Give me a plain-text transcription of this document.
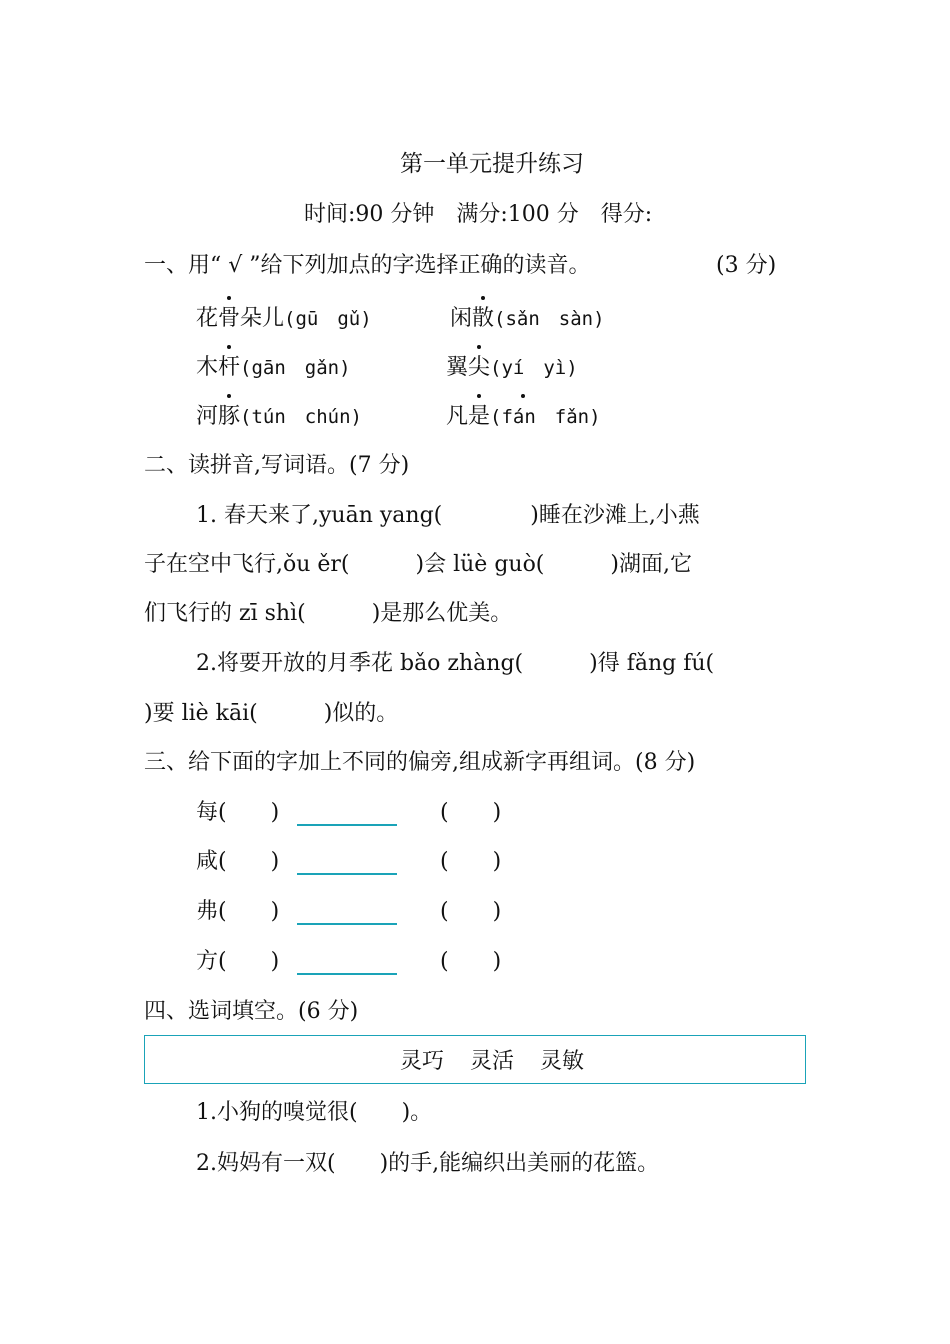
第一单元提升练习
时间:90 分钟　满分:100 分　得分:
一、用“ √ ”给下列加点的字选择正确的读音。	(3 分)
花骨朵儿(gū　gǔ)	闲散(sǎn　sàn)
木杆(gān　gǎn)	翼尖(yí　yì)
河豚(tún　chún)	凡是(fán　fǎn)
二、读拼音,写词语。(7 分)
1. 春天来了,yuān yang(　　　　)睡在沙滩上,小燕
子在空中飞行,ǒu ěr(　　　)会 lüè guò(　　　)湖面,它
们飞行的 zī shì(　　　)是那么优美。
2.将要开放的月季花 bǎo zhàng(　　　)得 fǎng fú(
)要 liè kāi(　　　)似的。
三、给下面的字加上不同的偏旁,组成新字再组词。(8 分)
每(　　)	(　　)
咸(　　)	(　　)
弗(　　)	(　　)
方(　　)	(　　)
四、选词填空。(6 分)
灵巧 灵活 灵敏
1.小狗的嗅觉很(　　)。
2.妈妈有一双(　　)的手,能编织出美丽的花篮。
